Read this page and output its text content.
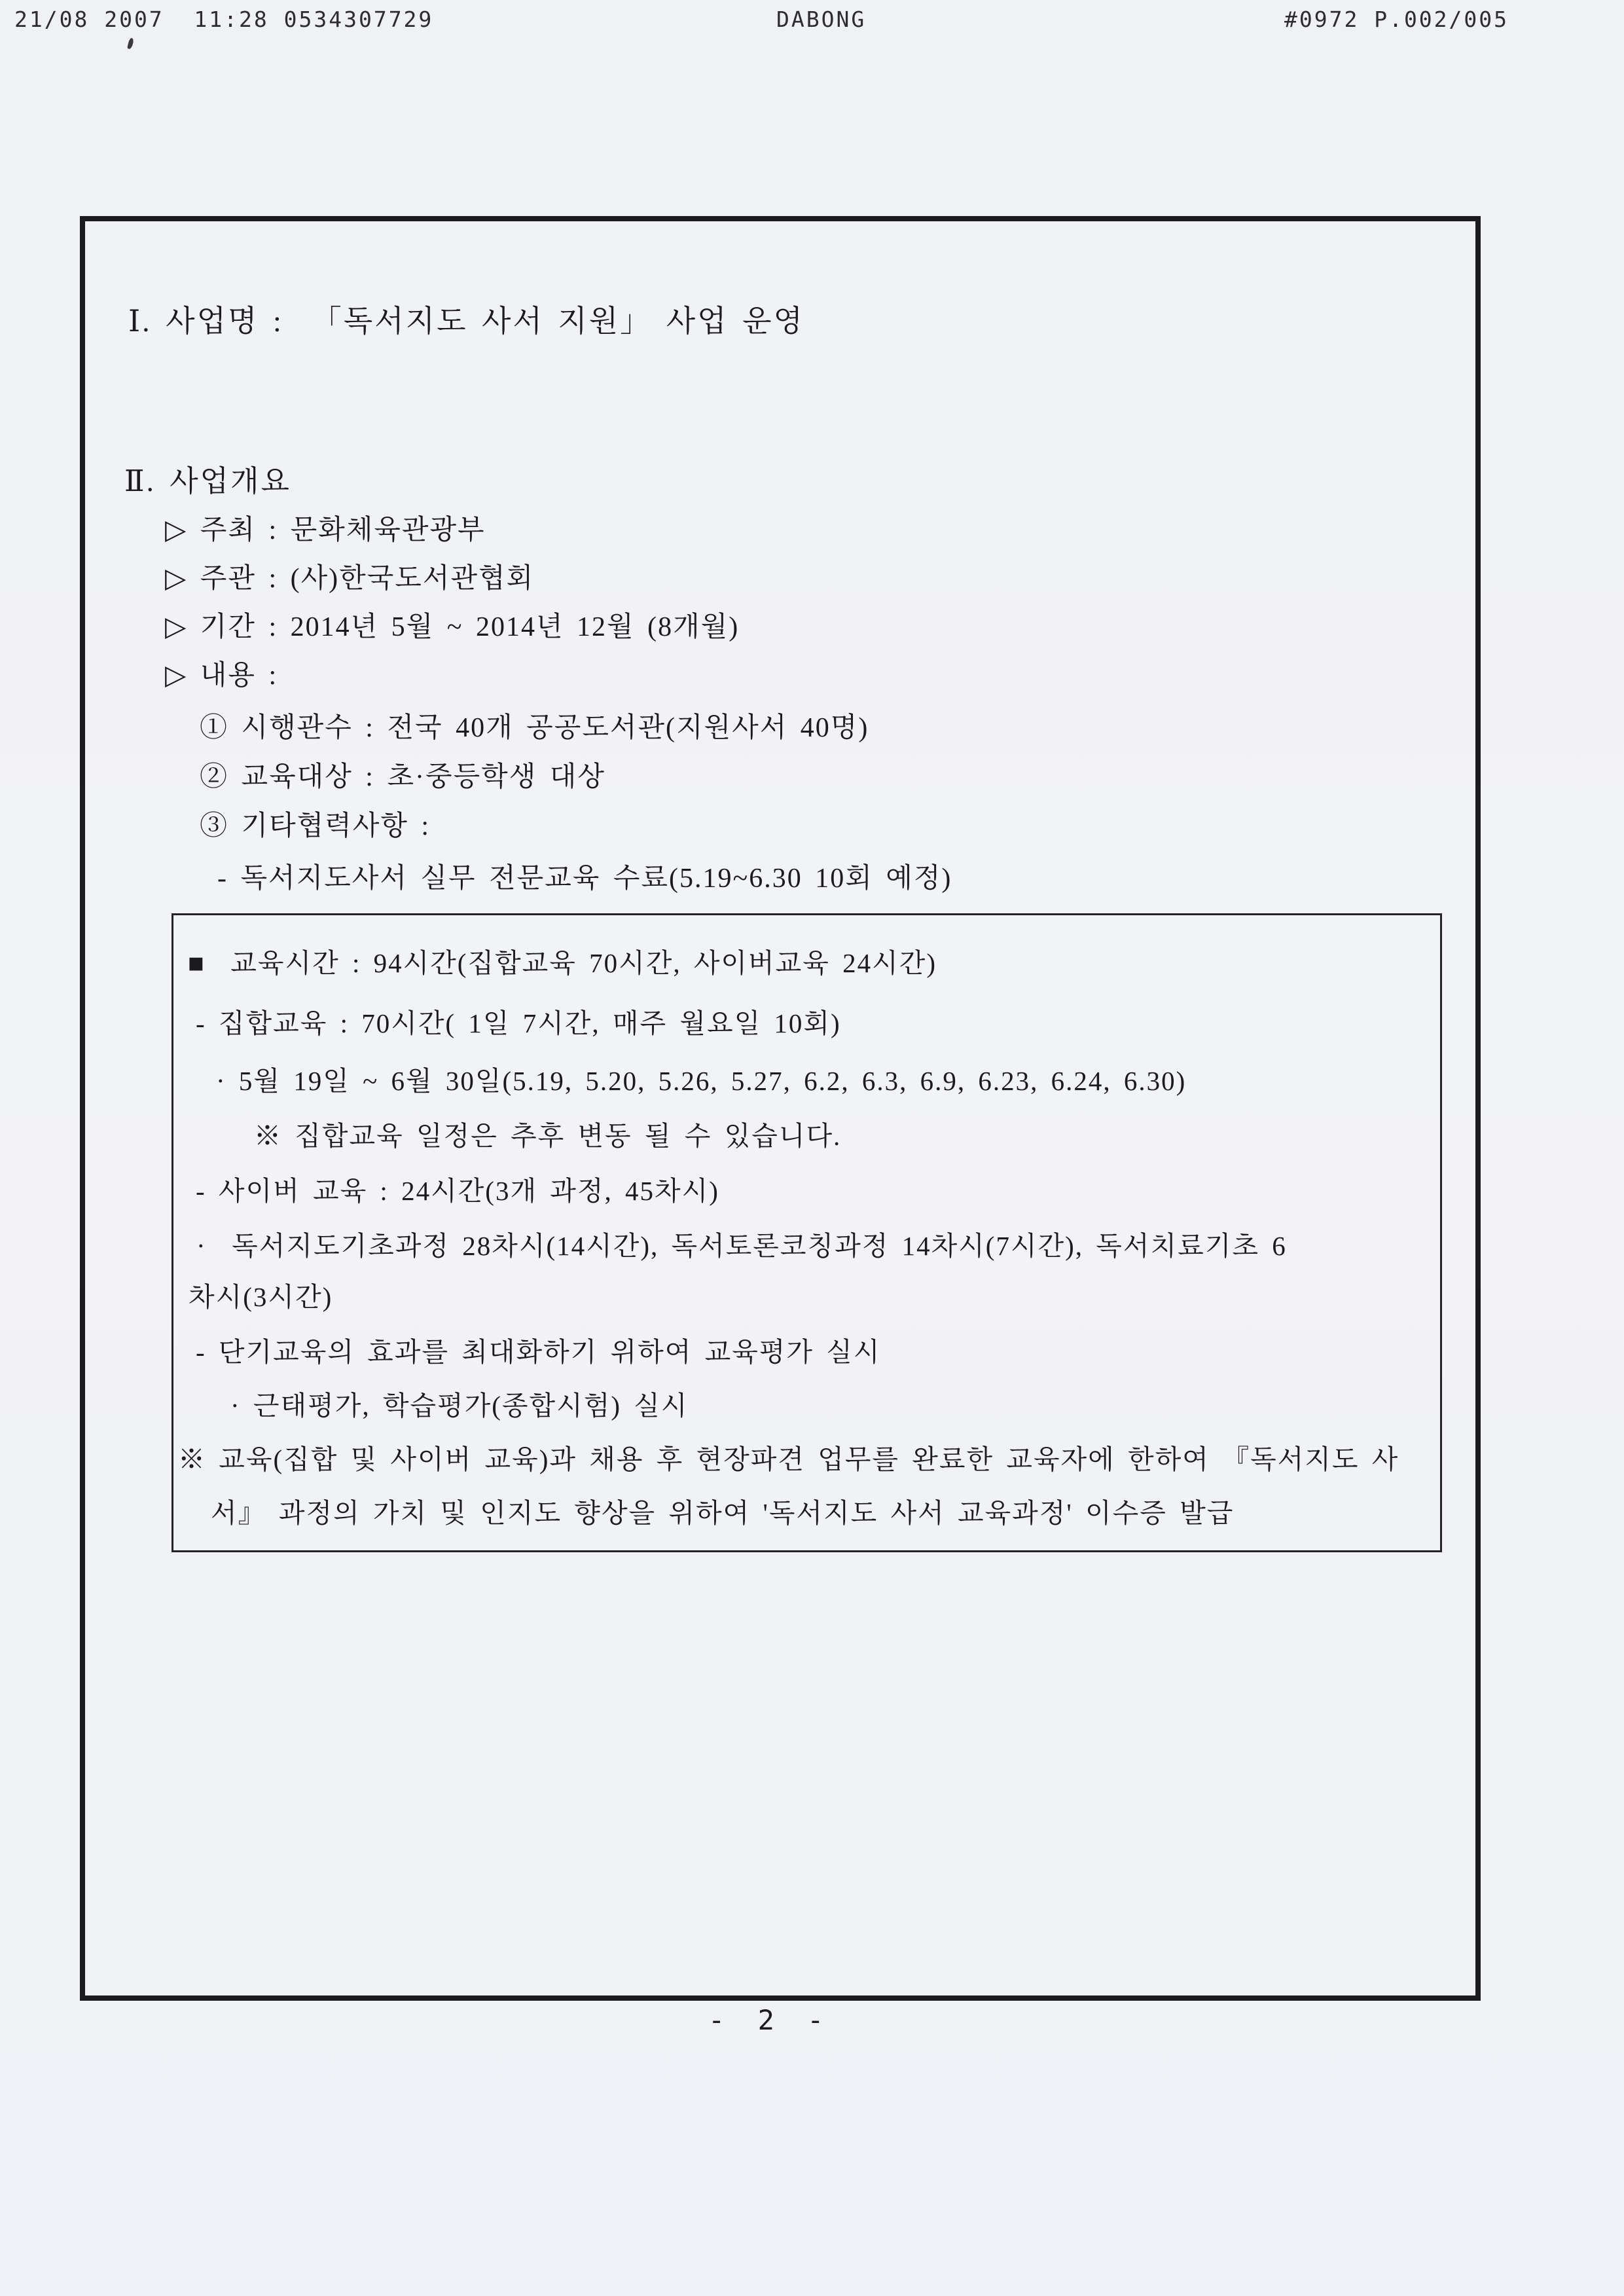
21/08 2007  11:28 0534307729	DABONG	#0972 P.002/005
Ⅰ. 사업명 :  「독서지도 사서 지원」 사업 운영
Ⅱ. 사업개요
▷ 주최 : 문화체육관광부
▷ 주관 : (사)한국도서관협회
▷ 기간 : 2014년 5월 ~ 2014년 12월 (8개월)
▷ 내용 :
① 시행관수 : 전국 40개 공공도서관(지원사서 40명)
② 교육대상 : 초·중등학생 대상
③ 기타협력사항 :
- 독서지도사서 실무 전문교육 수료(5.19~6.30 10회 예정)
■  교육시간 : 94시간(집합교육 70시간, 사이버교육 24시간)
- 집합교육 : 70시간( 1일 7시간, 매주 월요일 10회)
· 5월 19일 ~ 6월 30일(5.19, 5.20, 5.26, 5.27, 6.2, 6.3, 6.9, 6.23, 6.24, 6.30)
※ 집합교육 일정은 추후 변동 될 수 있습니다.
- 사이버 교육 : 24시간(3개 과정, 45차시)
·  독서지도기초과정 28차시(14시간), 독서토론코칭과정 14차시(7시간), 독서치료기초 6
차시(3시간)
- 단기교육의 효과를 최대화하기 위하여 교육평가 실시
· 근태평가, 학습평가(종합시험) 실시
※ 교육(집합 및 사이버 교육)과 채용 후 현장파견 업무를 완료한 교육자에 한하여 『독서지도 사
서』 과정의 가치 및 인지도 향상을 위하여 '독서지도 사서 교육과정' 이수증 발급
- 2 -
